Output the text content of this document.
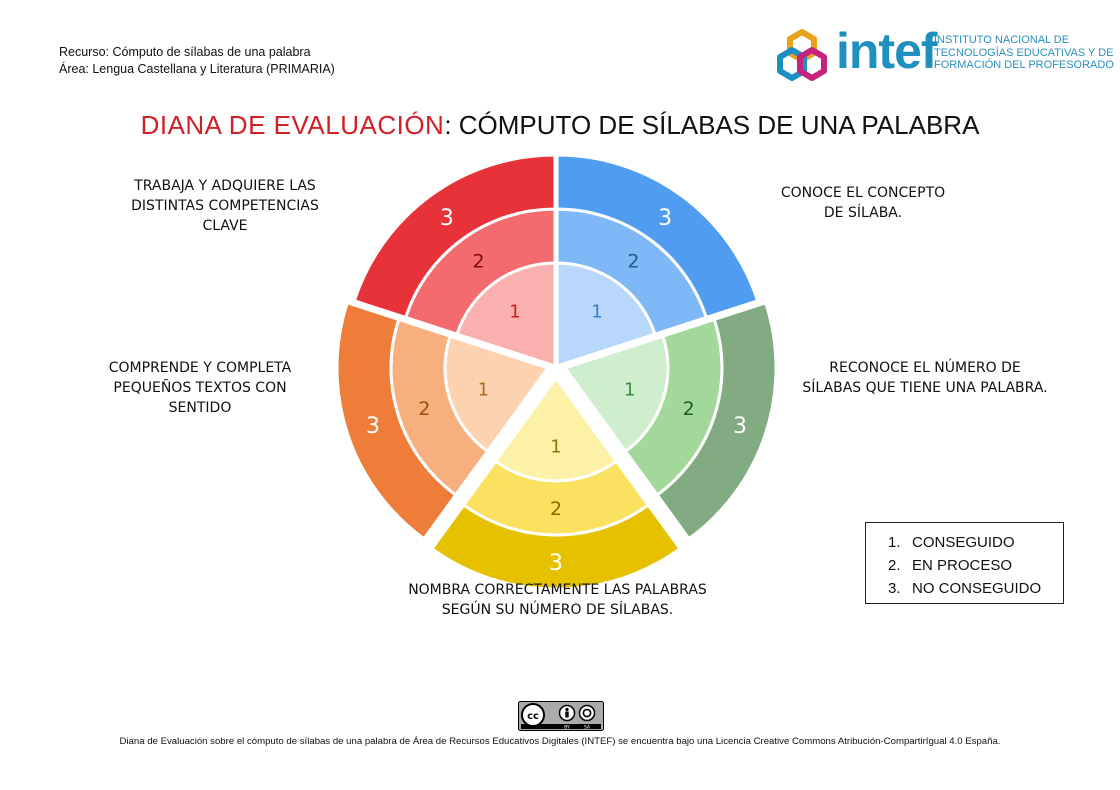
Recurso: Cómputo de sílabas de una palabra
Área: Lengua Castellana y Literatura (PRIMARIA)	intef
INSTITUTO NACIONAL DE
TECNOLOGÍAS EDUCATIVAS Y DE
FORMACIÓN DEL PROFESORADO
DIANA DE EVALUACIÓN: CÓMPUTO DE SÍLABAS DE UNA PALABRA
1
2
3
1
2
3
1
2
3
1
2
3
1
2
3
TRABAJA Y ADQUIERE LAS
DISTINTAS COMPETENCIAS
CLAVE
CONOCE EL CONCEPTO
DE SÍLABA.
COMPRENDE Y COMPLETA
PEQUEÑOS TEXTOS CON
SENTIDO
RECONOCE EL NÚMERO DE
SÍLABAS QUE TIENE UNA PALABRA.
NOMBRA CORRECTAMENTE LAS PALABRAS
SEGÚN SU NÚMERO DE SÍLABAS.
1. CONSEGUIDO
2. EN PROCESO
3. NO CONSEGUIDO
cc
BY	SA
Diana de Evaluación sobre el cómputo de sílabas de una palabra de Área de Recursos Educativos Digitales (INTEF) se encuentra bajo una Licencia Creative Commons Atribución-CompartirIgual 4.0 España.
